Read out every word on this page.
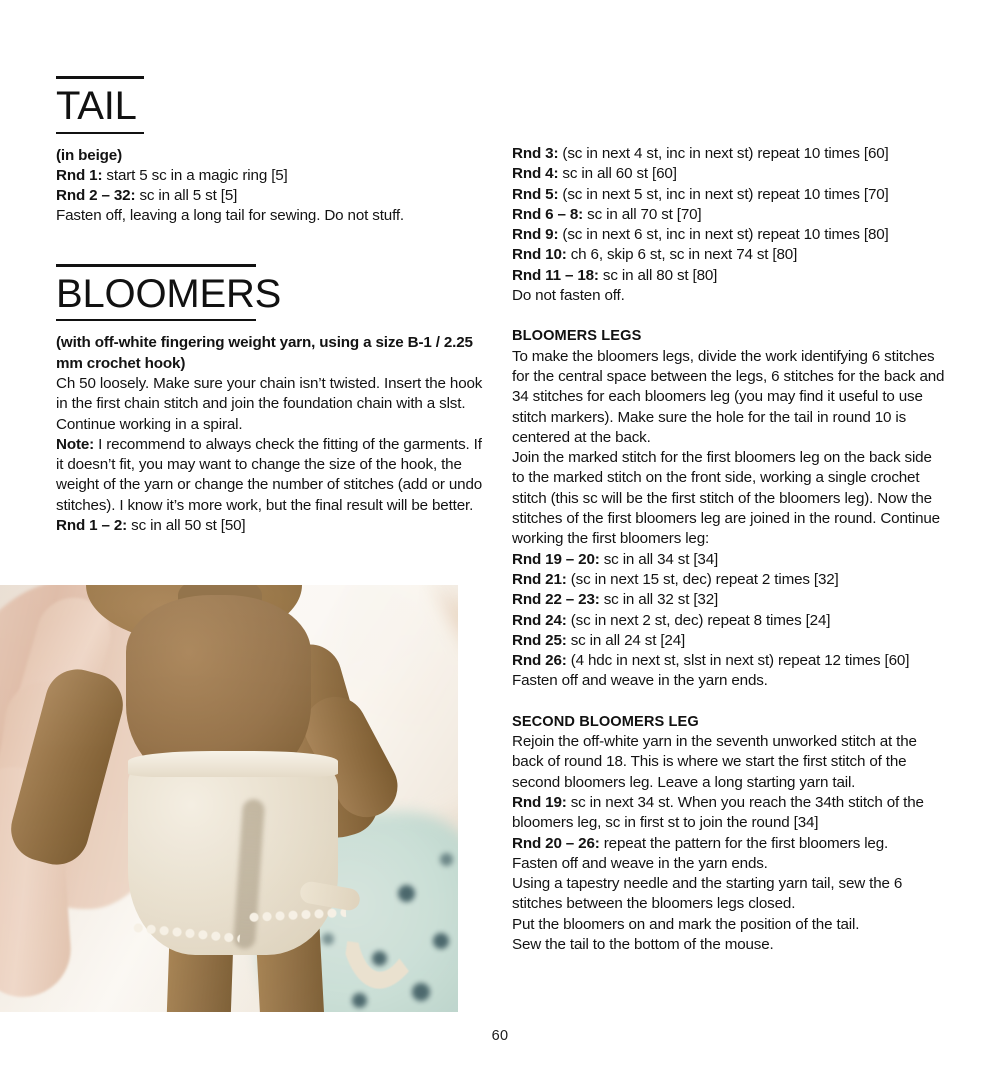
TAIL

(in beige)

Rnd 1: start 5 sc in a magic ring [5]

Rnd 2 – 32: sc in all 5 st [5]

Fasten off, leaving a long tail for sewing. Do not stuff.

BLOOMERS

(with off-white fingering weight yarn, using a size B-1 / 2.25 mm crochet hook)

Ch 50 loosely. Make sure your chain isn’t twisted. Insert the hook in the first chain stitch and join the foundation chain with a slst. Continue working in a spiral.

Note: I recommend to always check the fitting of the garments. If it doesn’t fit, you may want to change the size of the hook, the weight of the yarn or change the number of stitches (add or undo stitches). I know it’s more work, but the final result will be better.

Rnd 1 – 2: sc in all 50 st [50]

Rnd 3: (sc in next 4 st, inc in next st) repeat 10 times [60]

Rnd 4: sc in all 60 st [60]

Rnd 5: (sc in next 5 st, inc in next st) repeat 10 times [70]

Rnd 6 – 8: sc in all 70 st [70]

Rnd 9: (sc in next 6 st, inc in next st) repeat 10 times [80]

Rnd 10: ch 6, skip 6 st, sc in next 74 st [80]

Rnd 11 – 18: sc in all 80 st [80]

Do not fasten off.

BLOOMERS LEGS

To make the bloomers legs, divide the work identifying 6 stitches for the central space between the legs, 6 stitches for the back and 34 stitches for each bloomers leg (you may find it useful to use stitch markers). Make sure the hole for the tail in round 10 is centered at the back.

Join the marked stitch for the first bloomers leg on the back side to the marked stitch on the front side, working a single crochet stitch (this sc will be the first stitch of the bloomers leg). Now the stitches of the first bloomers leg are joined in the round. Continue working the first bloomers leg:

Rnd 19 – 20: sc in all 34 st [34]

Rnd 21: (sc in next 15 st, dec) repeat 2 times [32]

Rnd 22 – 23: sc in all 32 st [32]

Rnd 24: (sc in next 2 st, dec) repeat 8 times [24]

Rnd 25: sc in all 24 st [24]

Rnd 26: (4 hdc in next st, slst in next st) repeat 12 times [60]

Fasten off and weave in the yarn ends.

SECOND BLOOMERS LEG

Rejoin the off-white yarn in the seventh unworked stitch at the back of round 18. This is where we start the first stitch of the second bloomers leg. Leave a long starting yarn tail.

Rnd 19: sc in next 34 st. When you reach the 34th stitch of the bloomers leg, sc in first st to join the round [34]

Rnd 20 – 26: repeat the pattern for the first bloomers leg.

Fasten off and weave in the yarn ends.

Using a tapestry needle and the starting yarn tail, sew the 6 stitches between the bloomers legs closed.

Put the bloomers on and mark the position of the tail.

Sew the tail to the bottom of the mouse.

60
